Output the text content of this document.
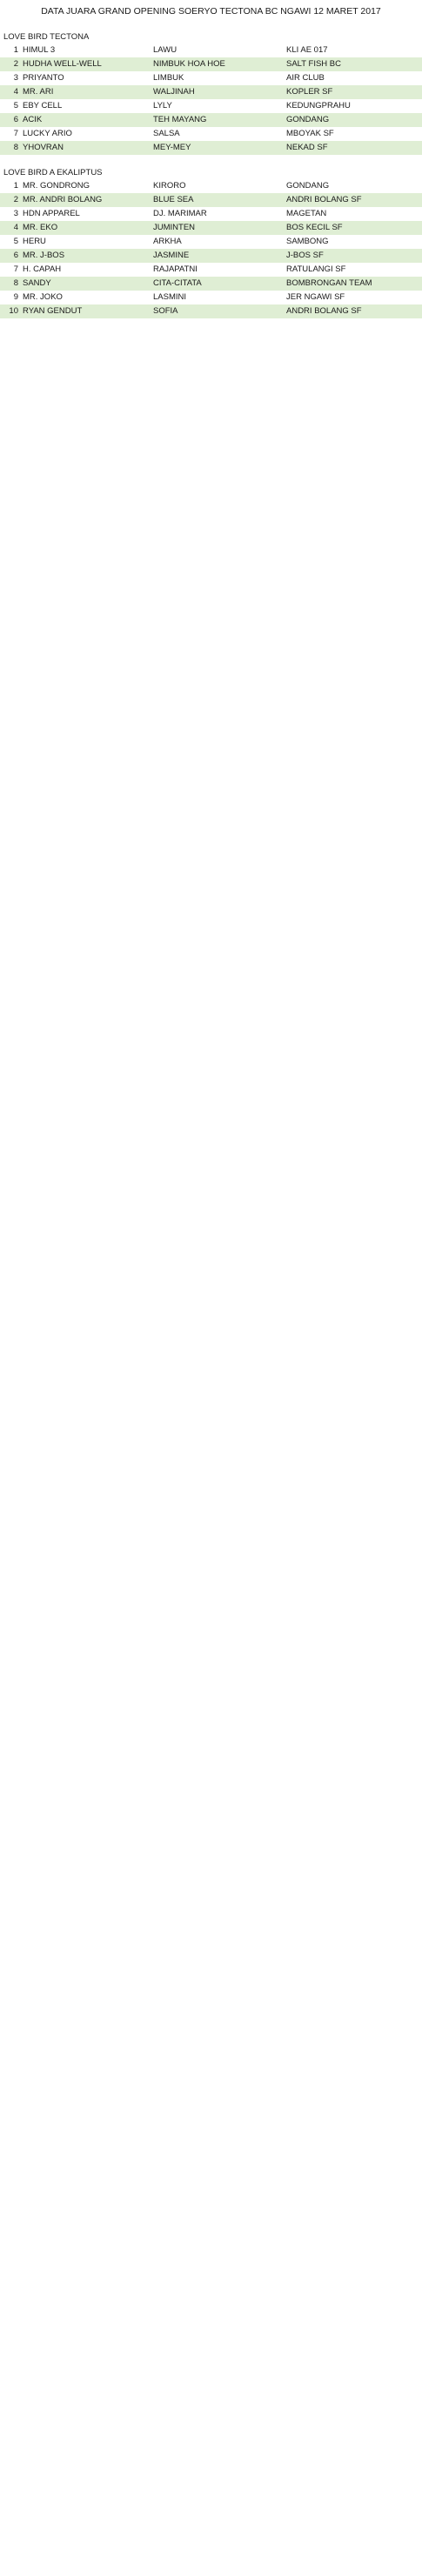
DATA JUARA GRAND OPENING SOERYO TECTONA BC NGAWI 12 MARET 2017
LOVE BIRD TECTONA
1 HIMUL 3	LAWU	KLI AE 017
2 HUDHA WELL-WELL	NIMBUK HOA HOE	SALT FISH BC
3 PRIYANTO	LIMBUK	AIR CLUB
4 MR. ARI	WALJINAH	KOPLER SF
5 EBY CELL	LYLY	KEDUNGPRAHU
6 ACIK	TEH MAYANG	GONDANG
7 LUCKY ARIO	SALSA	MBOYAK SF
8 YHOVRAN	MEY-MEY	NEKAD SF
LOVE BIRD A EKALIPTUS
1 MR. GONDRONG	KIRORO	GONDANG
2 MR. ANDRI BOLANG	BLUE SEA	ANDRI BOLANG SF
3 HDN APPAREL	DJ. MARIMAR	MAGETAN
4 MR. EKO	JUMINTEN	BOS KECIL SF
5 HERU	ARKHA	SAMBONG
6 MR. J-BOS	JASMINE	J-BOS SF
7 H. CAPAH	RAJAPATNI	RATULANGI SF
8 SANDY	CITA-CITATA	BOMBRONGAN TEAM
9 MR. JOKO	LASMINI	JER NGAWI SF
10 RYAN GENDUT	SOFIA	ANDRI BOLANG SF
